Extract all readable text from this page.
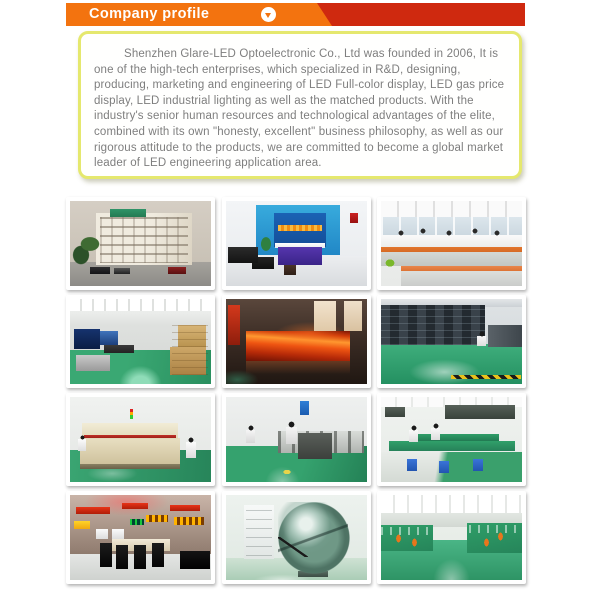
Company profile

Shenzhen Glare-LED Optoelectronic Co., Ltd was founded in 2006, It is one of the high-tech enterprises, which specialized in R&D, designing, producing, marketing and engineering of LED Full-color display, LED gas price display, LED industrial lighting as well as the matched products. With the industry's senior human resources and technological advantages of the elite, combined with its own "honesty, excellent" business philosophy, as well as our rigorous attitude to the products, we are committed to become a global market leader of LED engineering application area.
